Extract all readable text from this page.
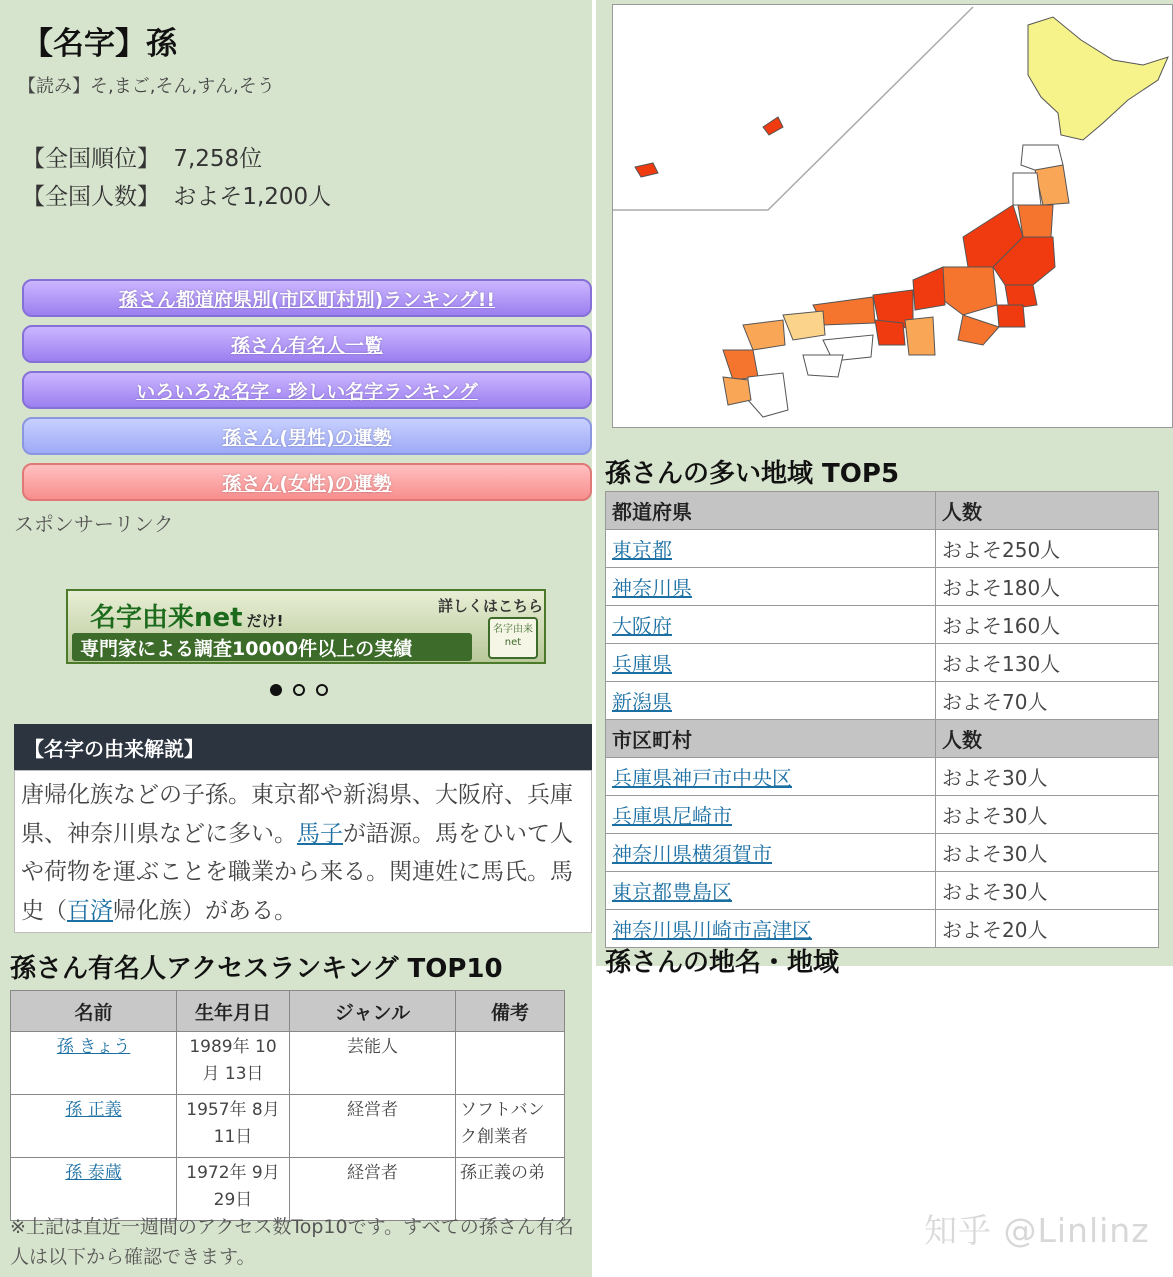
【名字】孫
【読み】そ,まご,そん,すん,そう
【全国順位】 7,258位
【全国人数】 およそ1,200人
孫さん都道府県別(市区町村別)ランキング!!
孫さん有名人一覧
いろいろな名字・珍しい名字ランキング
孫さん(男性)の運勢
孫さん(女性)の運勢
スポンサーリンク
名字由来net だけ!
詳しくはこちら
専門家による調査10000件以上の実績
名字由来net
【名字の由来解説】
唐帰化族などの子孫。東京都や新潟県、大阪府、兵庫県、神奈川県などに多い。馬子が語源。馬をひいて人や荷物を運ぶことを職業から来る。関連姓に馬氏。馬史（百済帰化族）がある。
孫さん有名人アクセスランキング TOP10
名前	生年月日	ジャンル	備考
孫 きょう	1989年 10月 13日	芸能人	
孫 正義	1957年 8月 11日	経営者	ソフトバンク創業者
孫 泰蔵	1972年 9月 29日	経営者	孫正義の弟
※上記は直近一週間のアクセス数Top10です。すべての孫さん有名人は以下から確認できます。
孫さんの多い地域 TOP5
都道府県	人数
東京都	およそ250人
神奈川県	およそ180人
大阪府	およそ160人
兵庫県	およそ130人
新潟県	およそ70人
市区町村	人数
兵庫県神戸市中央区	およそ30人
兵庫県尼崎市	およそ30人
神奈川県横須賀市	およそ30人
東京都豊島区	およそ30人
神奈川県川崎市高津区	およそ20人
孫さんの地名・地域
知乎 @Linlinz
